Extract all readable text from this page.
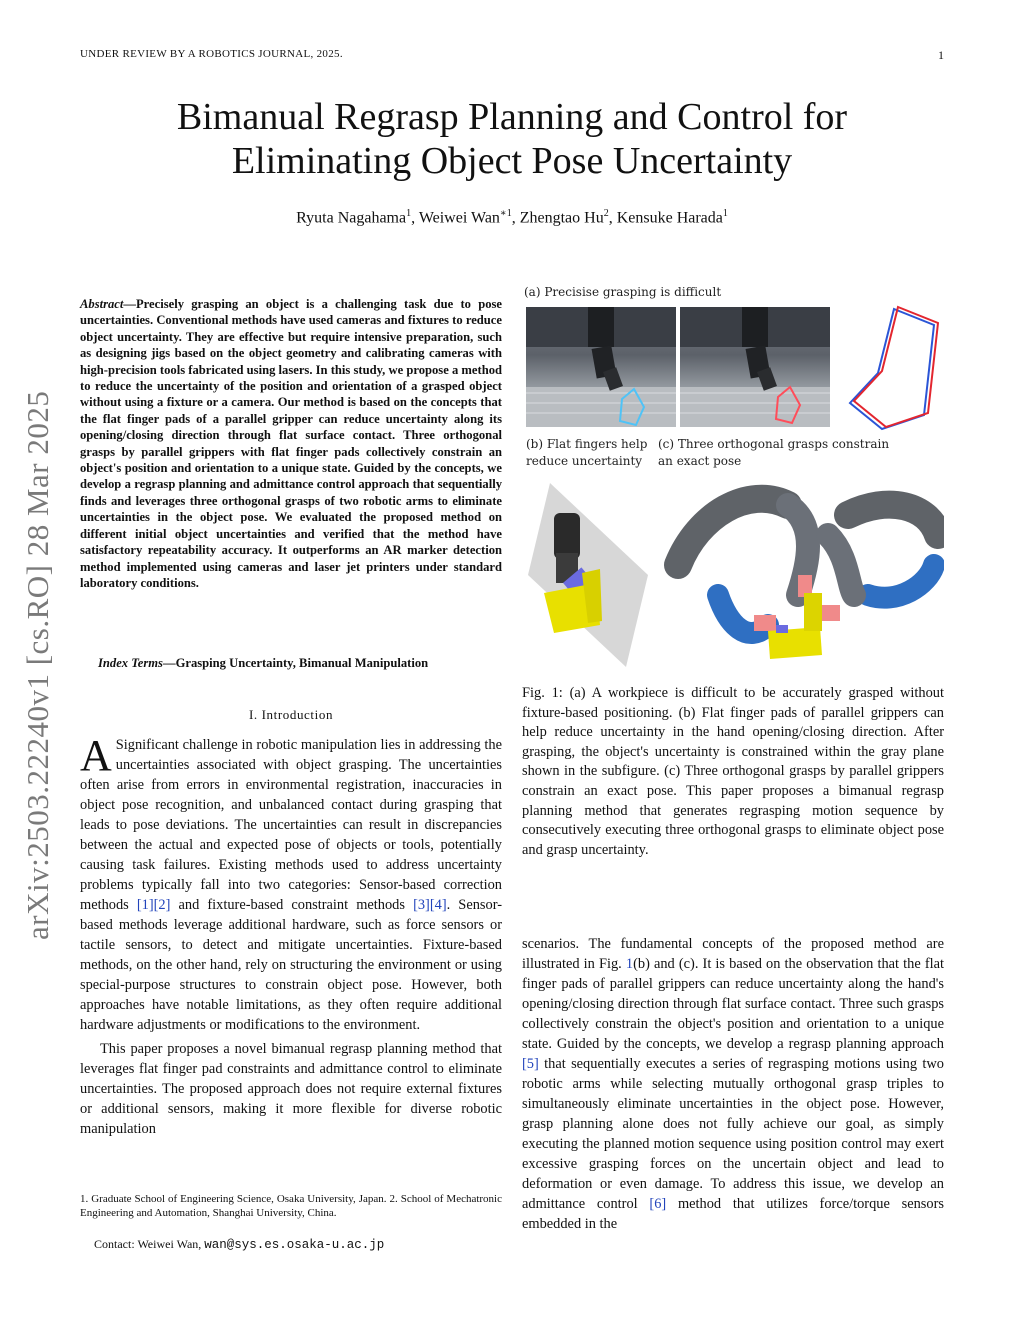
UNDER REVIEW BY A ROBOTICS JOURNAL, 2025.	1
arXiv:2503.22240v1 [cs.RO] 28 Mar 2025
Bimanual Regrasp Planning and Control for
Eliminating Object Pose Uncertainty
Ryuta Nagahama$^1$, Weiwei Wan$^{∗1}$, Zhengtao Hu$^2$, Kensuke Harada$^1$
Abstract—Precisely grasping an object is a challenging task due to pose uncertainties. Conventional methods have used cameras and fixtures to reduce object uncertainty. They are effective but require intensive preparation, such as designing jigs based on the object geometry and calibrating cameras with high-precision tools fabricated using lasers. In this study, we propose a method to reduce the uncertainty of the position and orientation of a grasped object without using a fixture or a camera. Our method is based on the concepts that the flat finger pads of a parallel gripper can reduce uncertainty along its opening/closing direction through flat surface contact. Three orthogonal grasps by parallel grippers with flat finger pads collectively constrain an object's position and orientation to a unique state. Guided by the concepts, we develop a regrasp planning and admittance control approach that sequentially finds and leverages three orthogonal grasps of two robotic arms to eliminate uncertainties in the object pose. We evaluated the proposed method on different initial object uncertainties and verified that the method have satisfactory repeatability accuracy. It outperforms an AR marker detection method implemented using cameras and laser jet printers under standard laboratory conditions.
Index Terms—Grasping Uncertainty, Bimanual Manipulation
I. Introduction

A Significant challenge in robotic manipulation lies in addressing the uncertainties associated with object grasping. The uncertainties often arise from errors in environmental registration, inaccuracies in object pose recognition, and unbalanced contact during grasping that leads to pose deviations. The uncertainties can result in discrepancies between the actual and expected pose of objects or tools, potentially causing task failures. Existing methods used to address uncertainty problems typically fall into two categories: Sensor-based correction methods [1][2] and fixture-based constraint methods [3][4]. Sensor-based methods leverage additional hardware, such as force sensors or tactile sensors, to detect and mitigate uncertainties. Fixture-based methods, on the other hand, rely on structuring the environment or using special-purpose structures to constrain object pose. However, both approaches have notable limitations, as they often require additional hardware adjustments or modifications to the environment.

This paper proposes a novel bimanual regrasp planning method that leverages flat finger pad constraints and admittance control to eliminate uncertainties. The proposed approach does not require external fixtures or additional sensors, making it more flexible for diverse robotic manipulation

1. Graduate School of Engineering Science, Osaka University, Japan. 2. School of Mechatronic Engineering and Automation, Shanghai University, China.
Contact: Weiwei Wan, wan@sys.es.osaka-u.ac.jp
(a) Precisise grasping is difficult
(b) Flat fingers help
reduce uncertainty
(c) Three orthogonal grasps constrain
an exact pose
Fig. 1: (a) A workpiece is difficult to be accurately grasped without fixture-based positioning. (b) Flat finger pads of parallel grippers can help reduce uncertainty in the hand opening/closing direction. After grasping, the object's uncertainty is constrained within the gray plane shown in the subfigure. (c) Three orthogonal grasps by parallel grippers constrain an exact pose. This paper proposes a bimanual regrasp planning method that generates regrasping motion sequence by consecutively executing three orthogonal grasps to eliminate object pose and grasp uncertainty.
scenarios. The fundamental concepts of the proposed method are illustrated in Fig. 1(b) and (c). It is based on the observation that the flat finger pads of parallel grippers can reduce uncertainty along the hand's opening/closing direction through flat surface contact. Three such grasps collectively constrain the object's position and orientation to a unique state. Guided by the concepts, we develop a regrasp planning approach [5] that sequentially executes a series of regrasping motions using two robotic arms while selecting mutually orthogonal grasp triples to simultaneously eliminate uncertainties in the object pose. However, grasp planning alone does not fully achieve our goal, as simply executing the planned motion sequence using position control may exert excessive grasping forces on the uncertain object and lead to deformation or even damage. To address this issue, we develop an admittance control [6] method that utilizes force/torque sensors embedded in the
